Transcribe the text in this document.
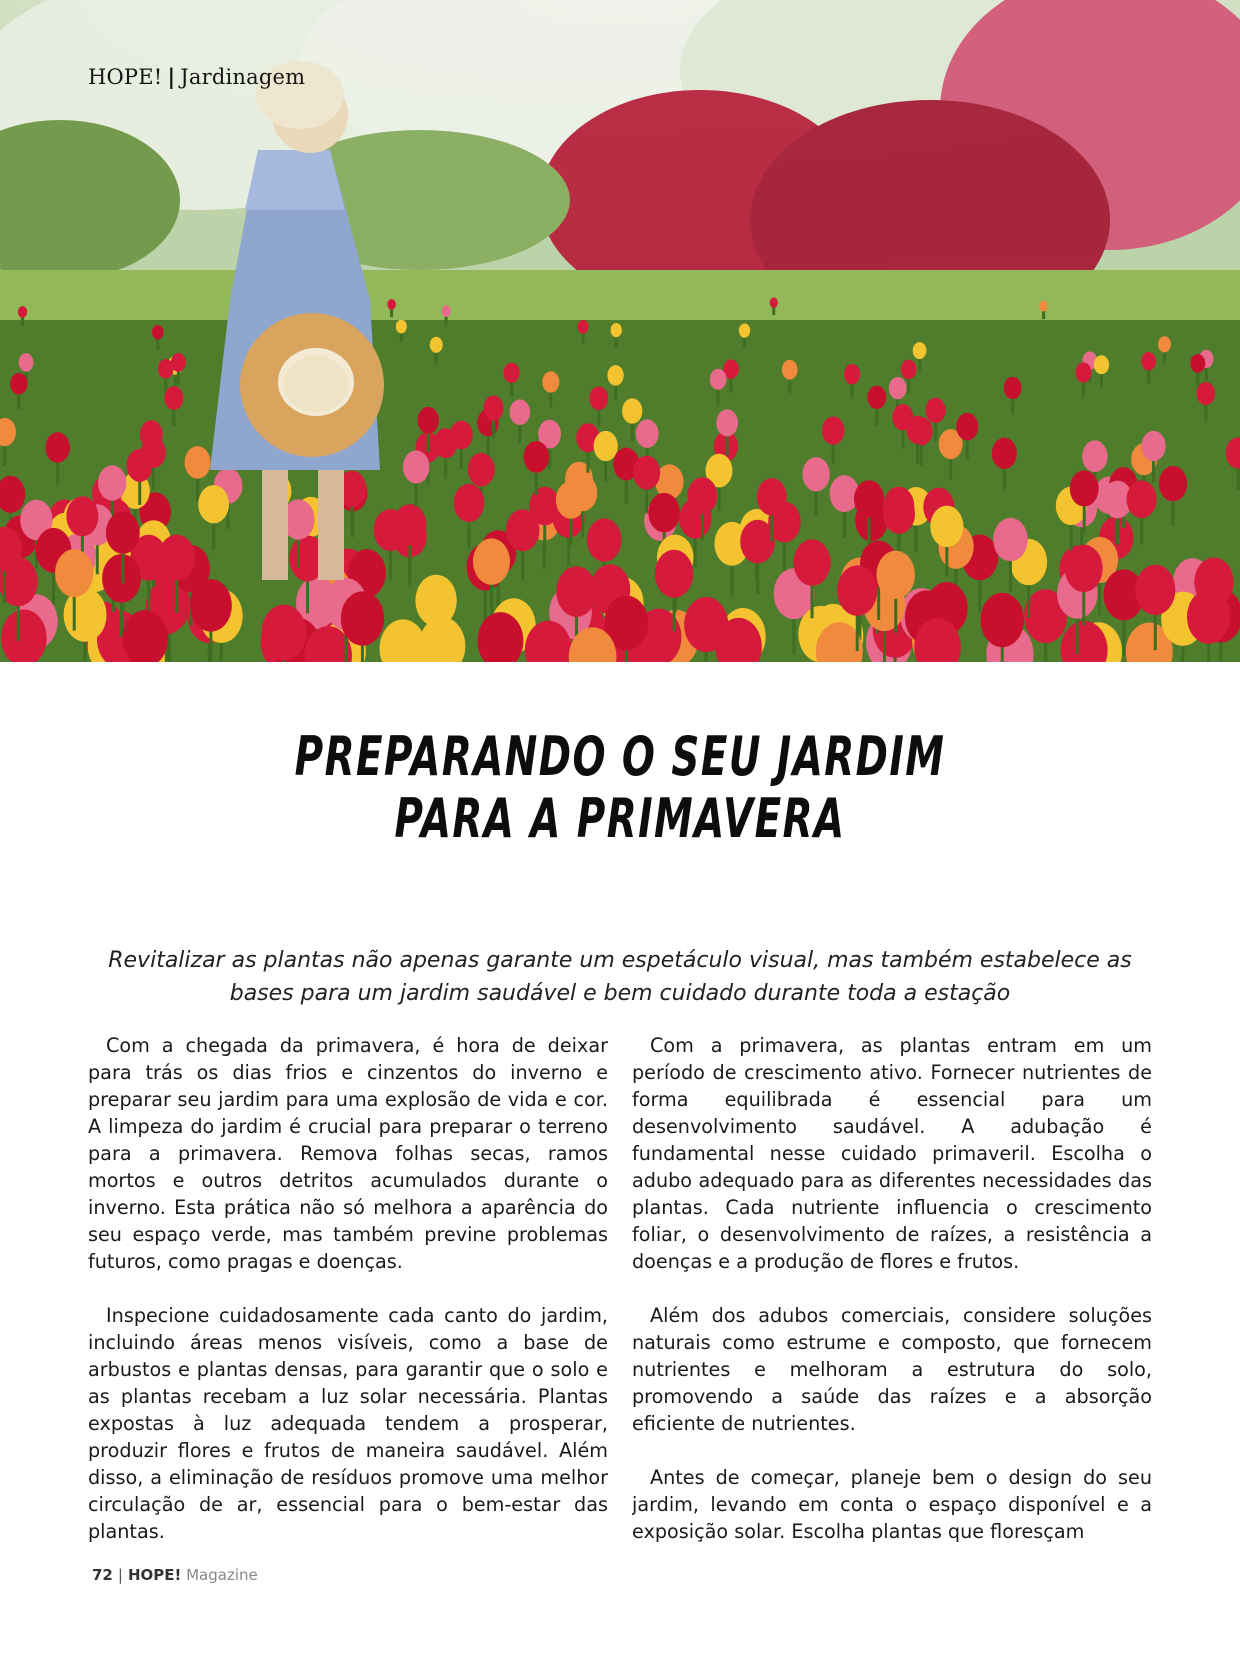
HOPE! | Jardinagem
PREPARANDO O SEU JARDIM PARA A PRIMAVERA

Revitalizar as plantas não apenas garante um espetáculo visual, mas também estabelece as bases para um jardim saudável e bem cuidado durante toda a estação

Com a chegada da primavera, é hora de deixar para trás os dias frios e cinzentos do inverno e preparar seu jardim para uma explosão de vida e cor. A limpeza do jardim é crucial para preparar o terreno para a primavera. Remova folhas secas, ramos mortos e outros detritos acumulados durante o inverno. Esta prática não só melhora a aparência do seu espaço verde, mas também previne problemas futuros, como pragas e doenças.

Inspecione cuidadosamente cada canto do jardim, incluindo áreas menos visíveis, como a base de arbustos e plantas densas, para garantir que o solo e as plantas recebam a luz solar necessária. Plantas expostas à luz adequada tendem a prosperar, produzir flores e frutos de maneira saudável. Além disso, a eliminação de resíduos promove uma melhor circulação de ar, essencial para o bem-estar das plantas.

Com a primavera, as plantas entram em um período de crescimento ativo. Fornecer nutrientes de forma equilibrada é essencial para um desenvolvimento saudável. A adubação é fundamental nesse cuidado primaveril. Escolha o adubo adequado para as diferentes necessidades das plantas. Cada nutriente influencia o crescimento foliar, o desenvolvimento de raízes, a resistência a doenças e a produção de flores e frutos.

Além dos adubos comerciais, considere soluções naturais como estrume e composto, que fornecem nutrientes e melhoram a estrutura do solo, promovendo a saúde das raízes e a absorção eficiente de nutrientes.

Antes de começar, planeje bem o design do seu jardim, levando em conta o espaço disponível e a exposição solar. Escolha plantas que floresçam

72 | HOPE! Magazine
